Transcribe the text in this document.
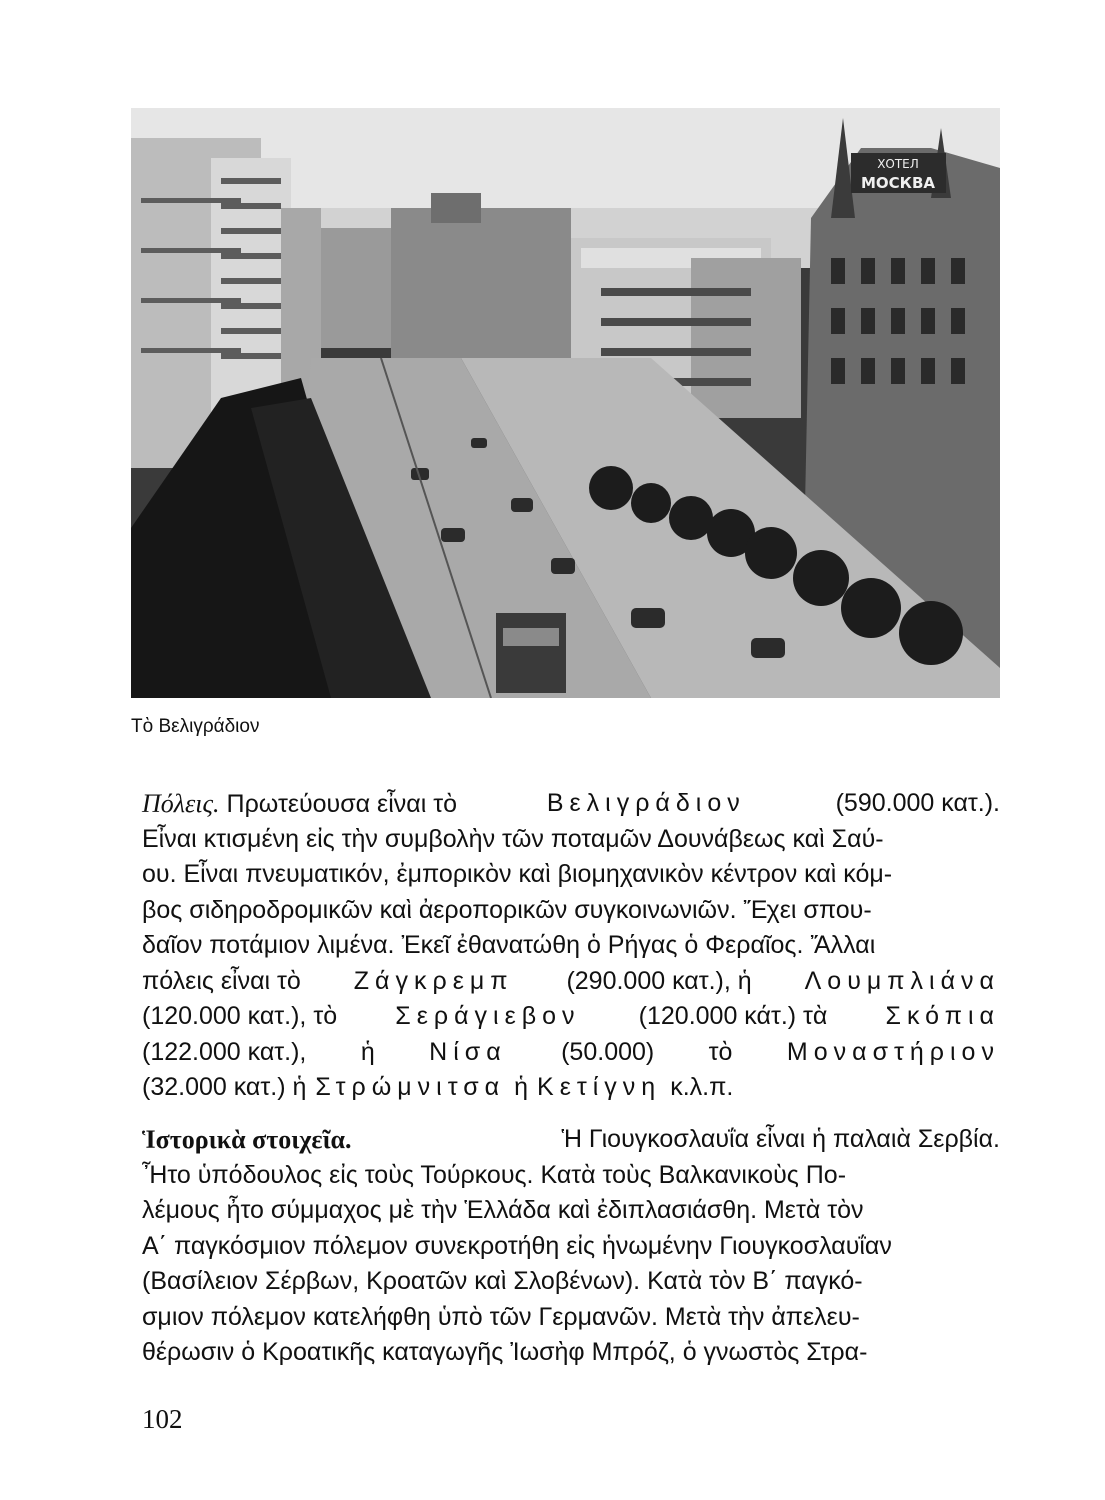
ХОТЕЛ
МОСКВА
Τὸ Βελιγράδιον
Πόλεις. Πρωτεύουσα εἶναι τὸ	Βελιγράδιον	(590.000 κατ.).
Εἶναι κτισμένη εἰς τὴν συμβολὴν τῶν ποταμῶν Δουνάβεως καὶ Σαύ-
ου. Εἶναι πνευματικόν, ἐμπορικὸν καὶ βιομηχανικὸν κέντρον καὶ κόμ-
βος σιδηροδρομικῶν καὶ ἀεροπορικῶν συγκοινωνιῶν. Ἔχει σπου-
δαῖον ποτάμιον λιμένα. Ἐκεῖ ἐθανατώθη ὁ Ρήγας ὁ Φεραῖος. Ἄλλαι
πόλεις εἶναι τὸ Ζάγκρεμπ (290.000 κατ.), ἡ Λουμπλιάνα
(120.000 κατ.), τὸ Σεράγιεβον (120.000 κάτ.) τὰ Σκόπια
(122.000 κατ.), ἡ Νίσα (50.000) τὸ Μοναστήριον
(32.000 κατ.) ἡ Στρώμνιτσα ἡ Κετίγνη κ.λ.π.
Ἱστορικὰ στοιχεῖα.	Ἡ Γιουγκοσλαυΐα εἶναι ἡ παλαιὰ Σερβία.
Ἦτο ὑπόδουλος εἰς τοὺς Τούρκους. Κατὰ τοὺς Βαλκανικοὺς Πο-
λέμους ἦτο σύμμαχος μὲ τὴν Ἑλλάδα καὶ ἐδιπλασιάσθη. Μετὰ τὸν
Α΄ παγκόσμιον πόλεμον συνεκροτήθη εἰς ἡνωμένην Γιουγκοσλαυΐαν
(Βασίλειον Σέρβων, Κροατῶν καὶ Σλοβένων). Κατὰ τὸν Β΄ παγκό-
σμιον πόλεμον κατελήφθη ὑπὸ τῶν Γερμανῶν. Μετὰ τὴν ἀπελευ-
θέρωσιν ὁ Κροατικῆς καταγωγῆς Ἰωσὴφ Μπρόζ, ὁ γνωστὸς Στρα-
102
